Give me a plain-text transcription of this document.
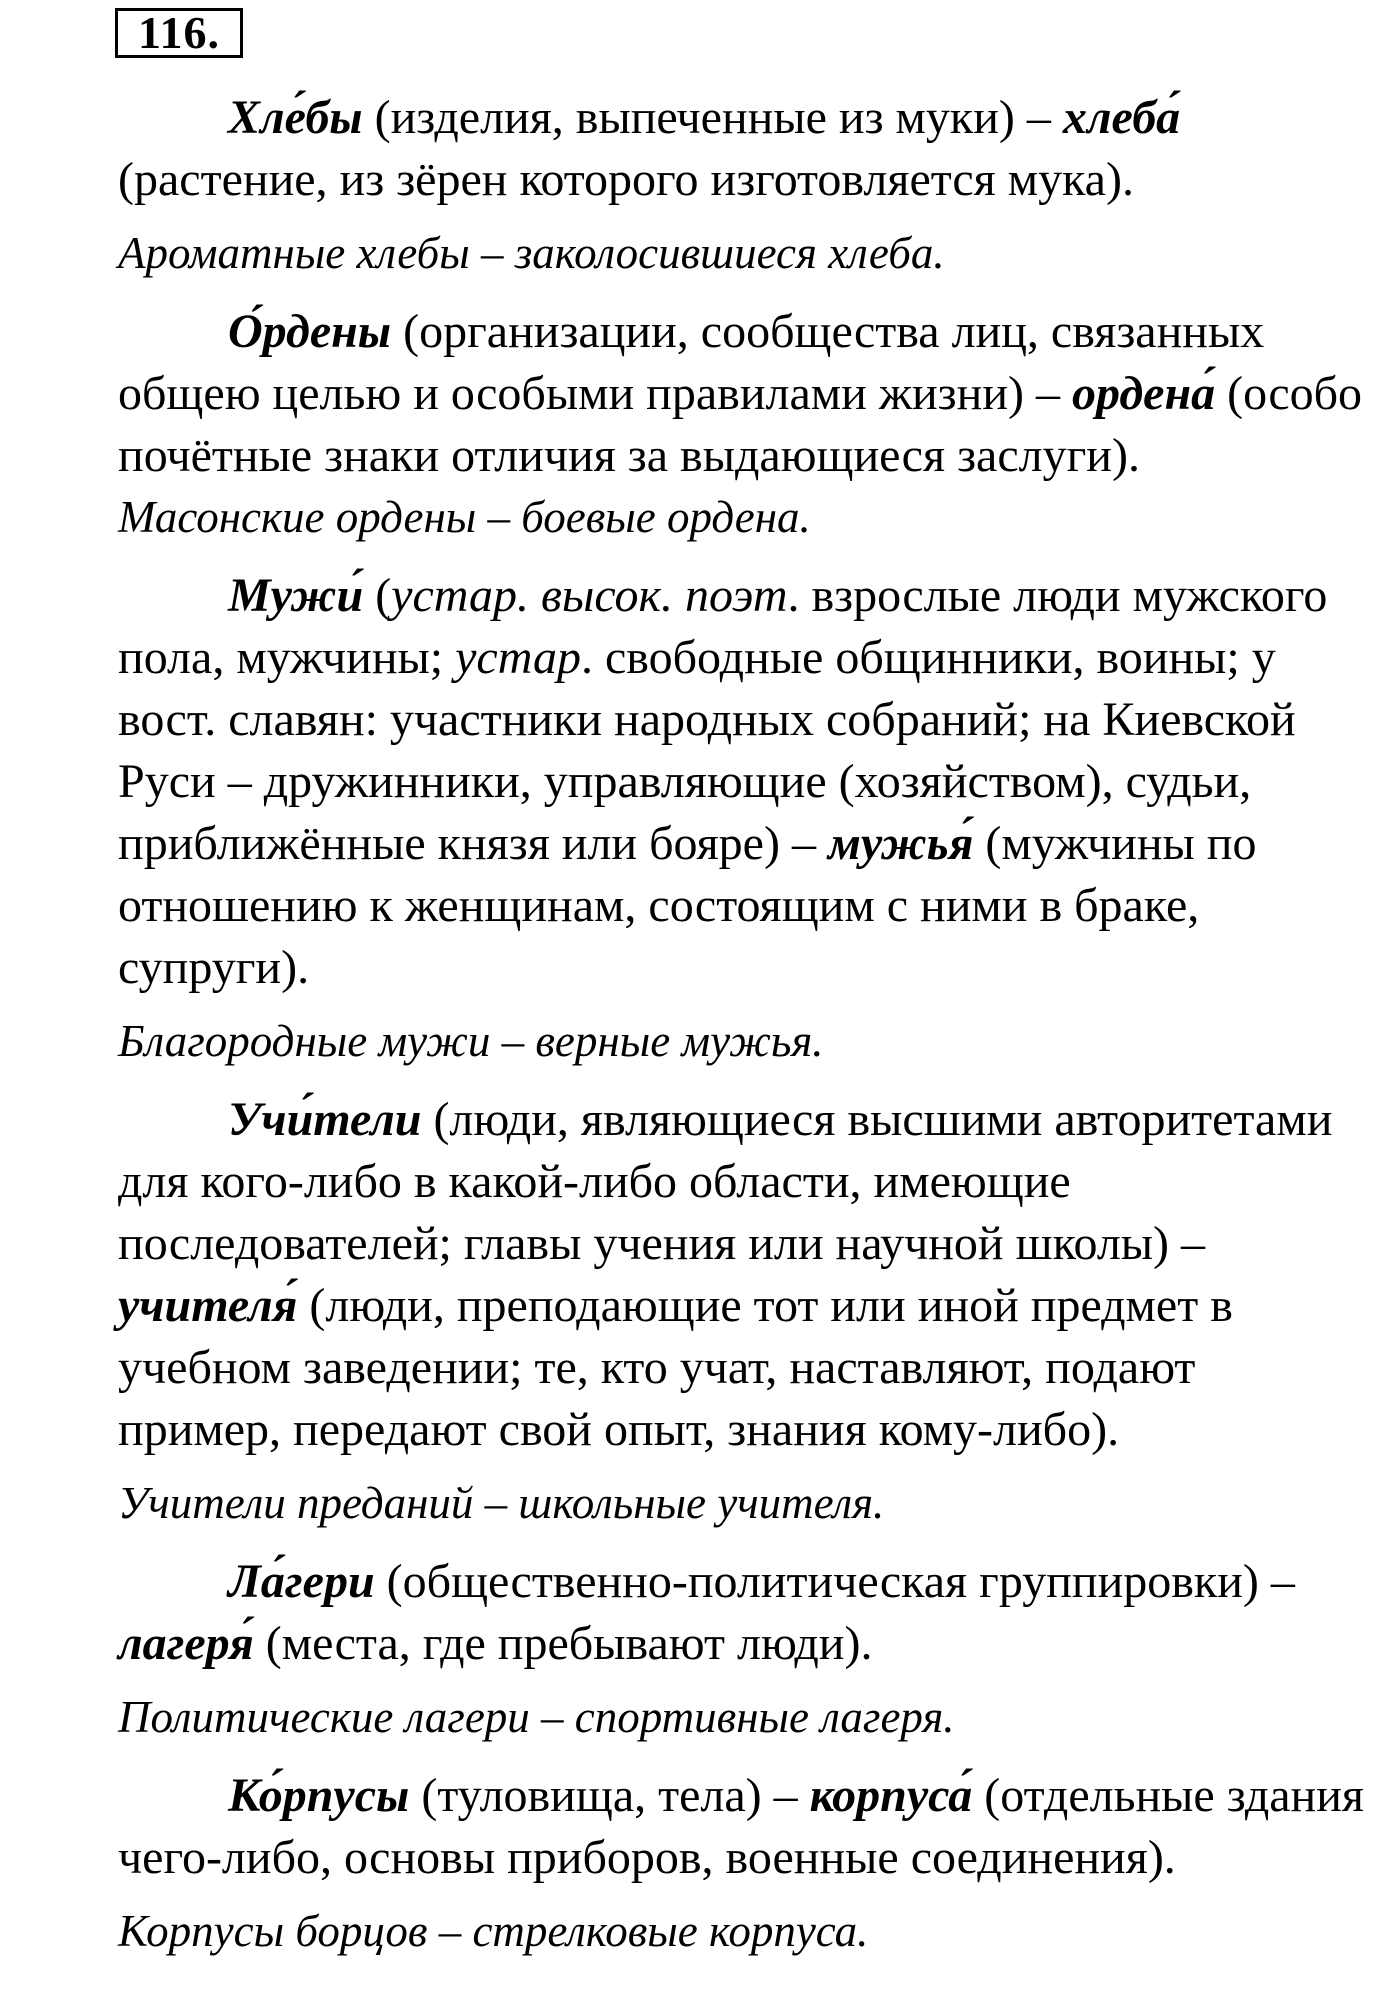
116.
Хле́бы (изделия, выпеченные из муки) – хлеба́
(растение, из зёрен которого изготовляется мука).
Ароматные хлебы – заколосившиеся хлеба.
О́рдены (организации, сообщества лиц, связанных
общею целью и особыми правилами жизни) – ордена́ (особо
почётные знаки отличия за выдающиеся заслуги).
Масонские ордены – боевые ордена.
Мужи́ (устар. высок. поэт. взрослые люди мужского
пола, мужчины; устар. свободные общинники, воины; у
вост. славян: участники народных собраний; на Киевской
Руси – дружинники, управляющие (хозяйством), судьи,
приближённые князя или бояре) – мужья́ (мужчины по
отношению к женщинам, состоящим с ними в браке,
супруги).
Благородные мужи – верные мужья.
Учи́тели (люди, являющиеся высшими авторитетами
для кого-либо в какой-либо области, имеющие
последователей; главы учения или научной школы) –
учителя́ (люди, преподающие тот или иной предмет в
учебном заведении; те, кто учат, наставляют, подают
пример, передают свой опыт, знания кому-либо).
Учители преданий – школьные учителя.
Ла́гери (общественно-политическая группировки) –
лагеря́ (места, где пребывают люди).
Политические лагери – спортивные лагеря.
Ко́рпусы (туловища, тела) – корпуса́ (отдельные здания
чего-либо, основы приборов, военные соединения).
Корпусы борцов – стрелковые корпуса.
